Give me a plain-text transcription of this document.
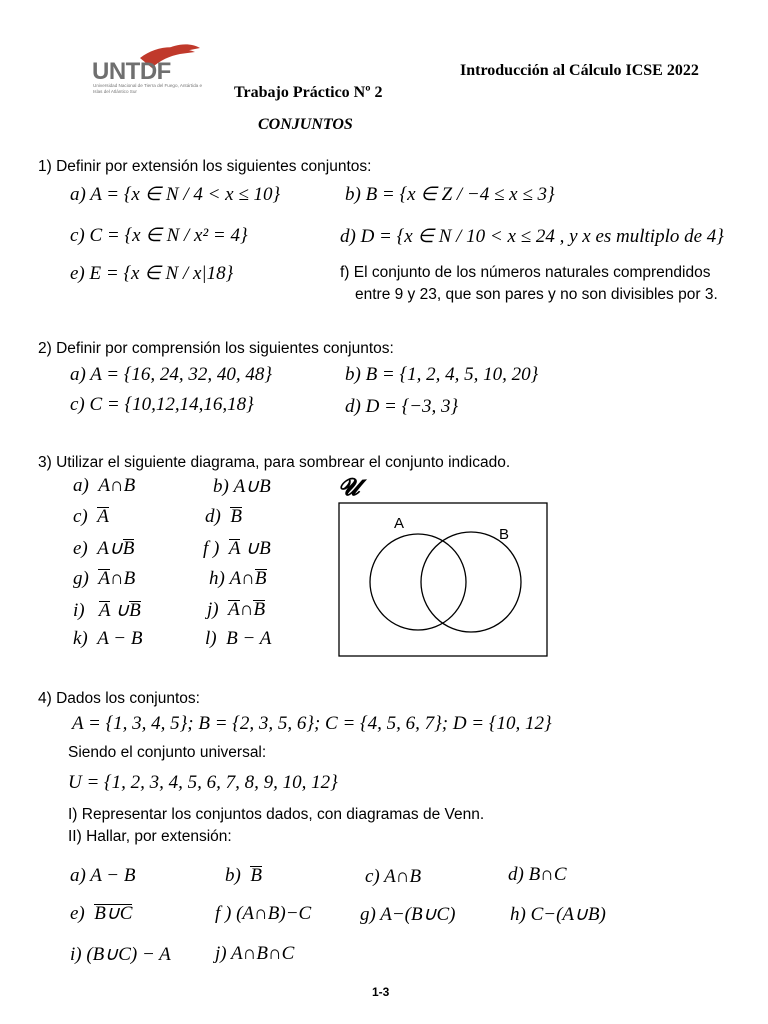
UNTDF
Universidad Nacional de Tierra del Fuego, Antártida e Islas del Atlántico Sur
Introducción al Cálculo ICSE 2022
Trabajo Práctico Nº 2
CONJUNTOS
1) Definir por extensión los siguientes conjuntos:
a) A = {x ∈ N / 4 < x ≤ 10}	b) B = {x ∈ Z / −4 ≤ x ≤ 3}
c) C = {x ∈ N / x² = 4}	d) D = {x ∈ N / 10 < x ≤ 24 , y x es multiplo de 4}
e) E = {x ∈ N / x|18}	f) El conjunto de los números naturales comprendidos
entre 9 y 23, que son pares y no son divisibles por 3.
2) Definir por comprensión los siguientes conjuntos:
a) A = {16, 24, 32, 40, 48}	b) B = {1, 2, 4, 5, 10, 20}
c) C = {10,12,14,16,18}	d) D = {−3, 3}
3) Utilizar el siguiente diagrama, para sombrear el conjunto indicado.
a) A∩B	b) A∪B
c) A	d) B
e) A∪B	f ) A ∪B
g) A∩B	h) A∩B
i) A ∪B	j) A∩B
k) A − B	l) B − A
𝓤
A
B
4) Dados los conjuntos:
A = {1, 3, 4, 5}; B = {2, 3, 5, 6}; C = {4, 5, 6, 7}; D = {10, 12}
Siendo el conjunto universal:
U = {1, 2, 3, 4, 5, 6, 7, 8, 9, 10, 12}
I) Representar los conjuntos dados, con diagramas de Venn.
II) Hallar, por extensión:
a) A − B	b) B	c) A∩B	d) B∩C
e) B∪C	f ) (A∩B)−C	g) A−(B∪C)	h) C−(A∪B)
i) (B∪C) − A j) A∩B∩C
1-3
